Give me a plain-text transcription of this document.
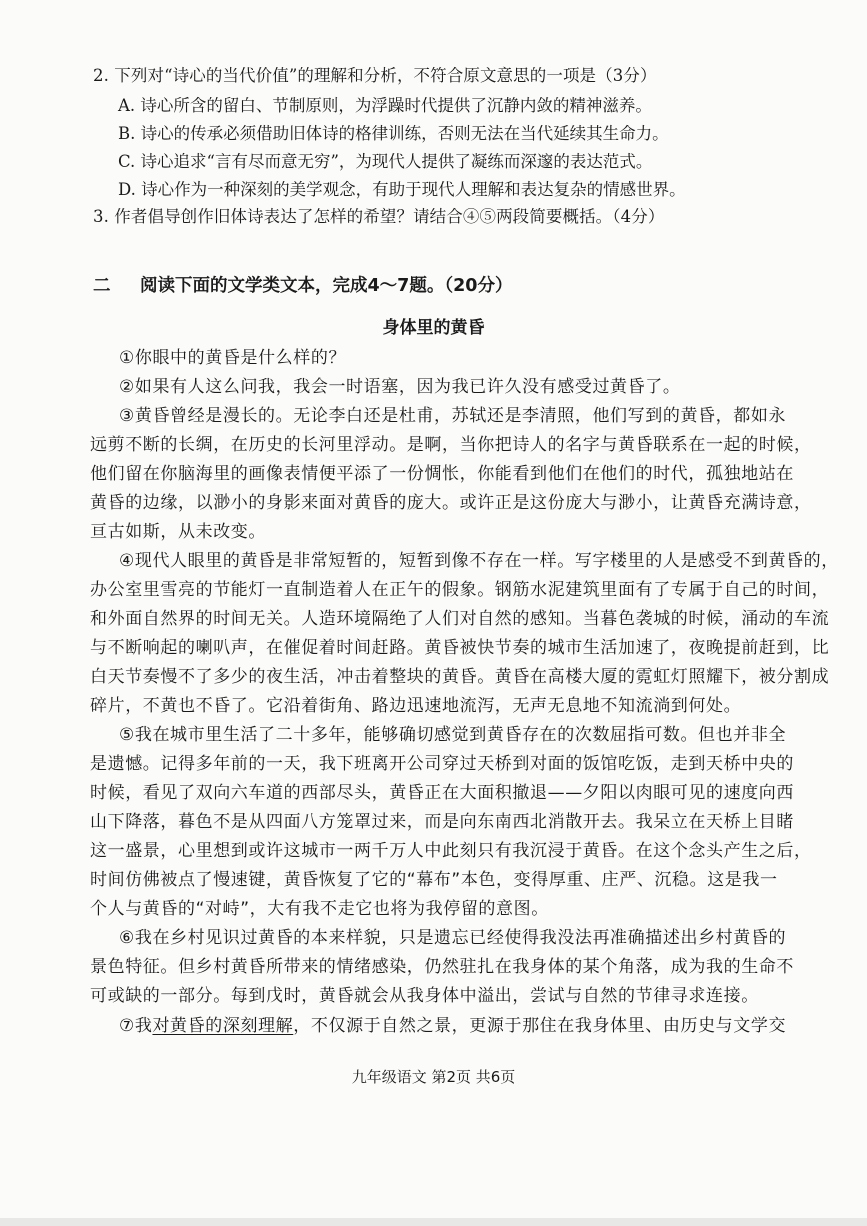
2. 下列对“诗心的当代价值”的理解和分析，不符合原文意思的一项是（3分）
A. 诗心所含的留白、节制原则，为浮躁时代提供了沉静内敛的精神滋养。
B. 诗心的传承必须借助旧体诗的格律训练，否则无法在当代延续其生命力。
C. 诗心追求“言有尽而意无穷”，为现代人提供了凝练而深邃的表达范式。
D. 诗心作为一种深刻的美学观念，有助于现代人理解和表达复杂的情感世界。
3. 作者倡导创作旧体诗表达了怎样的希望？请结合④⑤两段简要概括。（4分）
二 阅读下面的文学类文本，完成4～7题。（20分）
身体里的黄昏
①你眼中的黄昏是什么样的？
②如果有人这么问我，我会一时语塞，因为我已许久没有感受过黄昏了。
③黄昏曾经是漫长的。无论李白还是杜甫，苏轼还是李清照，他们写到的黄昏，都如永
远剪不断的长绸，在历史的长河里浮动。是啊，当你把诗人的名字与黄昏联系在一起的时候，
他们留在你脑海里的画像表情便平添了一份惆怅，你能看到他们在他们的时代，孤独地站在
黄昏的边缘，以渺小的身影来面对黄昏的庞大。或许正是这份庞大与渺小，让黄昏充满诗意，
亘古如斯，从未改变。
④现代人眼里的黄昏是非常短暂的，短暂到像不存在一样。写字楼里的人是感受不到黄昏的，
办公室里雪亮的节能灯一直制造着人在正午的假象。钢筋水泥建筑里面有了专属于自己的时间，
和外面自然界的时间无关。人造环境隔绝了人们对自然的感知。当暮色袭城的时候，涌动的车流
与不断响起的喇叭声，在催促着时间赶路。黄昏被快节奏的城市生活加速了，夜晚提前赶到，比
白天节奏慢不了多少的夜生活，冲击着整块的黄昏。黄昏在高楼大厦的霓虹灯照耀下，被分割成
碎片，不黄也不昏了。它沿着街角、路边迅速地流泻，无声无息地不知流淌到何处。
⑤我在城市里生活了二十多年，能够确切感觉到黄昏存在的次数屈指可数。但也并非全
是遗憾。记得多年前的一天，我下班离开公司穿过天桥到对面的饭馆吃饭，走到天桥中央的
时候，看见了双向六车道的西部尽头，黄昏正在大面积撤退——夕阳以肉眼可见的速度向西
山下降落，暮色不是从四面八方笼罩过来，而是向东南西北消散开去。我呆立在天桥上目睹
这一盛景，心里想到或许这城市一两千万人中此刻只有我沉浸于黄昏。在这个念头产生之后，
时间仿佛被点了慢速键，黄昏恢复了它的“幕布”本色，变得厚重、庄严、沉稳。这是我一
个人与黄昏的“对峙”，大有我不走它也将为我停留的意图。
⑥我在乡村见识过黄昏的本来样貌，只是遗忘已经使得我没法再准确描述出乡村黄昏的
景色特征。但乡村黄昏所带来的情绪感染，仍然驻扎在我身体的某个角落，成为我的生命不
可或缺的一部分。每到戊时，黄昏就会从我身体中溢出，尝试与自然的节律寻求连接。
⑦我对黄昏的深刻理解，不仅源于自然之景，更源于那住在我身体里、由历史与文学交
九年级语文 第2页 共6页
